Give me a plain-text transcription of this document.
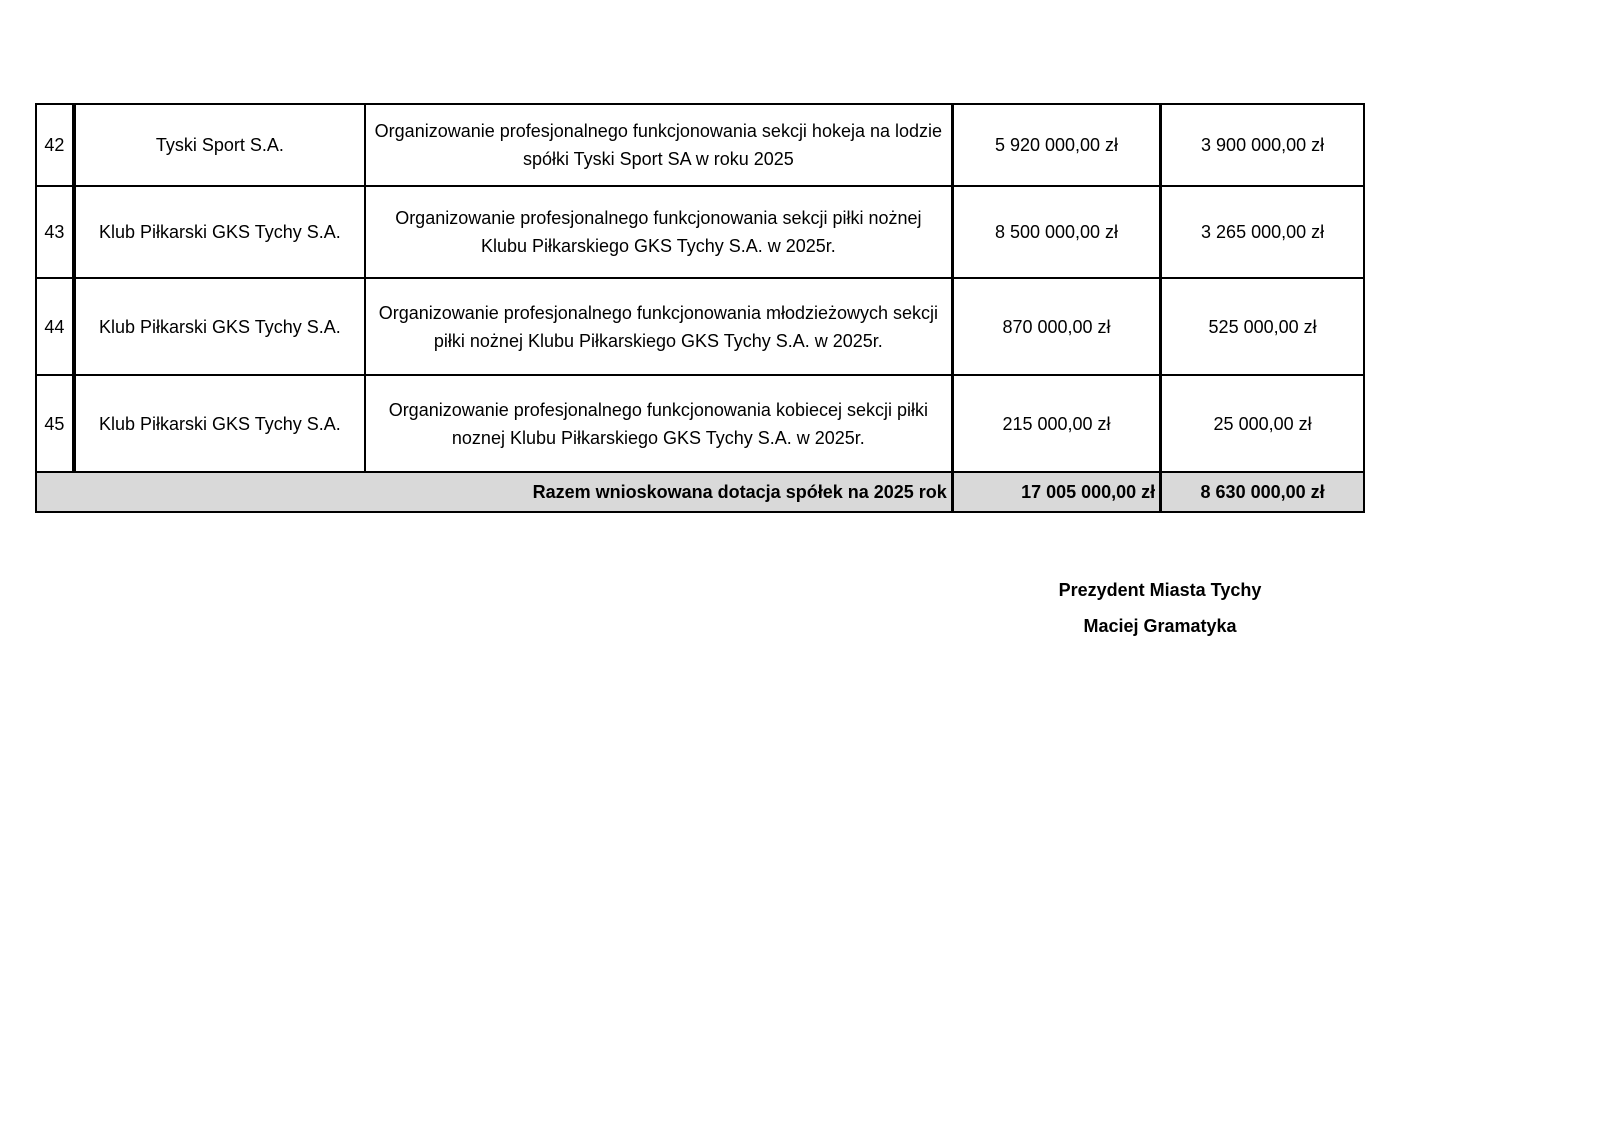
42	Tyski Sport S.A.	Organizowanie profesjonalnego funkcjonowania sekcji hokeja na lodzie spółki Tyski Sport SA w roku 2025	5 920 000,00 zł	3 900 000,00 zł
43	Klub Piłkarski GKS Tychy S.A.	Organizowanie profesjonalnego funkcjonowania sekcji piłki nożnej Klubu Piłkarskiego GKS Tychy S.A. w 2025r.	8 500 000,00 zł	3 265 000,00 zł
44	Klub Piłkarski GKS Tychy S.A.	Organizowanie profesjonalnego funkcjonowania młodzieżowych sekcji piłki nożnej Klubu Piłkarskiego GKS Tychy S.A. w 2025r.	870 000,00 zł	525 000,00 zł
45	Klub Piłkarski GKS Tychy S.A.	Organizowanie profesjonalnego funkcjonowania kobiecej sekcji piłki noznej Klubu Piłkarskiego GKS Tychy S.A. w 2025r.	215 000,00 zł	25 000,00 zł
Razem wnioskowana dotacja spółek na 2025 rok			17 005 000,00 zł	8 630 000,00 zł
Prezydent Miasta Tychy
Maciej Gramatyka
